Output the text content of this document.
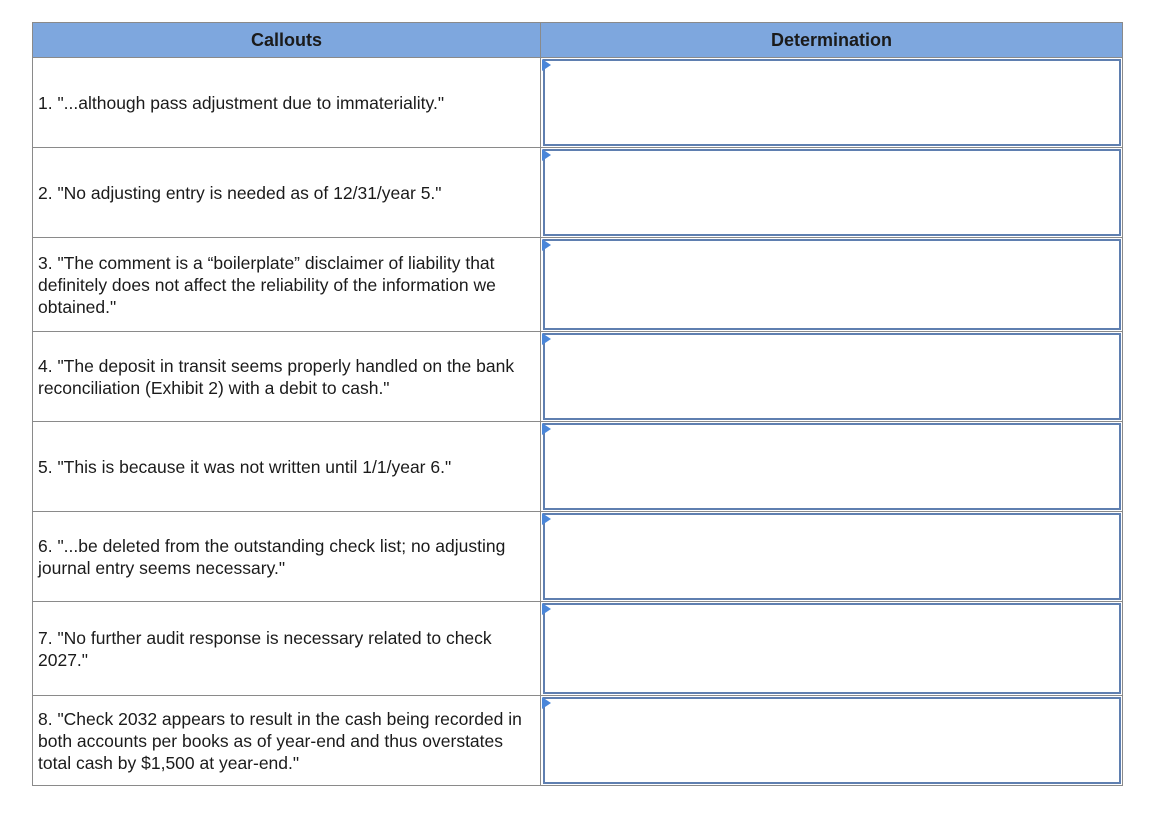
Callouts	Determination
1. "...although pass adjustment due to immateriality."	

2. "No adjusting entry is needed as of 12/31/year 5."	

3. "The comment is a “boilerplate” disclaimer of liability that definitely does not affect the reliability of the information we obtained."	

4. "The deposit in transit seems properly handled on the bank reconciliation (Exhibit 2) with a debit to cash."	

5. "This is because it was not written until 1/1/year 6."	

6. "...be deleted from the outstanding check list; no adjusting journal entry seems necessary."	

7. "No further audit response is necessary related to check 2027."	

8. "Check 2032 appears to result in the cash being recorded in both accounts per books as of year-end and thus overstates total cash by $1,500 at year-end."	
